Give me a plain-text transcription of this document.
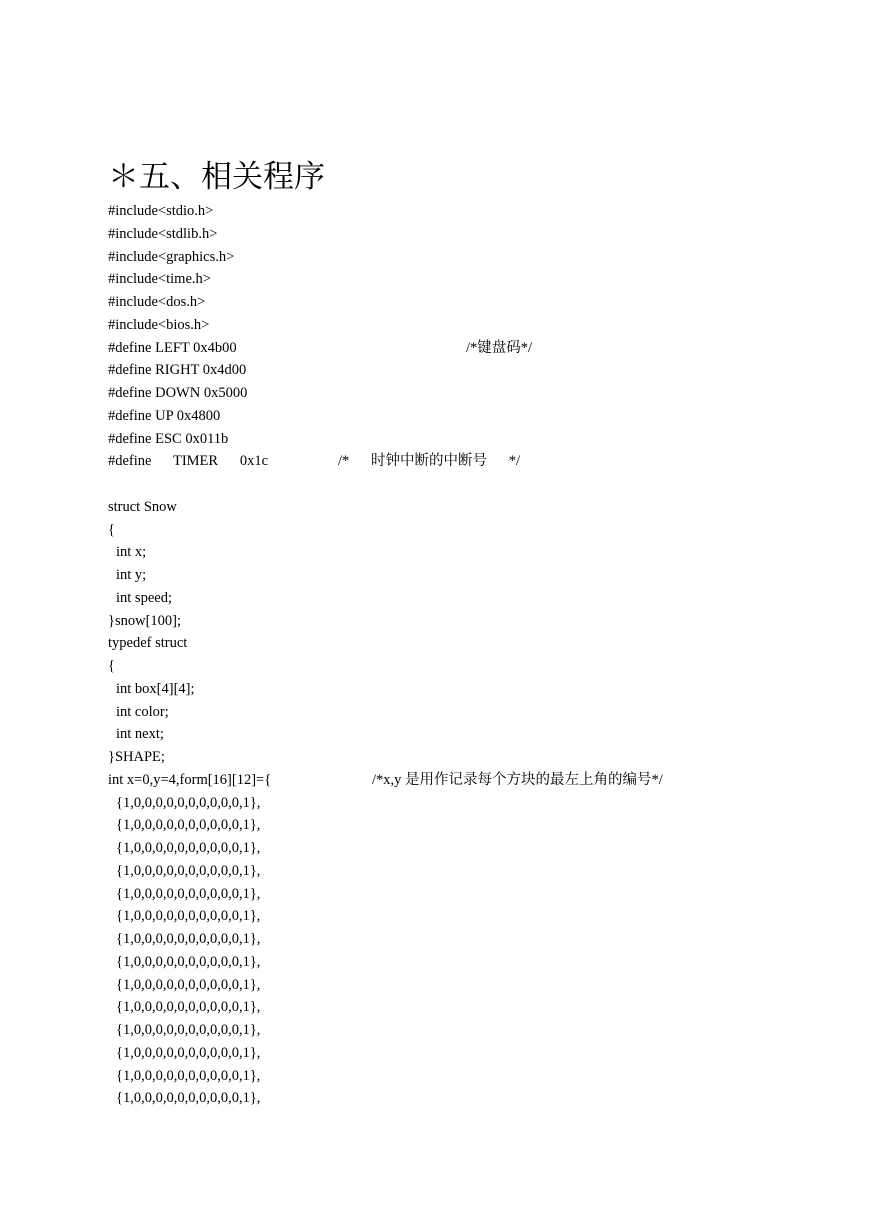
＊五、相关程序
#include<stdio.h>
#include<stdlib.h>
#include<graphics.h>
#include<time.h>
#include<dos.h>
#include<bios.h>
#define LEFT 0x4b00	/*键盘码*/
#define RIGHT 0x4d00
#define DOWN 0x5000
#define UP 0x4800
#define ESC 0x011b
#define      TIMER      0x1c	/*      时钟中断的中断号      */
struct Snow
{
int x;
int y;
int speed;
}snow[100];
typedef struct
{
int box[4][4];
int color;
int next;
}SHAPE;
int x=0,y=4,form[16][12]={	/*x,y 是用作记录每个方块的最左上角的编号*/
{1,0,0,0,0,0,0,0,0,0,0,1},
{1,0,0,0,0,0,0,0,0,0,0,1},
{1,0,0,0,0,0,0,0,0,0,0,1},
{1,0,0,0,0,0,0,0,0,0,0,1},
{1,0,0,0,0,0,0,0,0,0,0,1},
{1,0,0,0,0,0,0,0,0,0,0,1},
{1,0,0,0,0,0,0,0,0,0,0,1},
{1,0,0,0,0,0,0,0,0,0,0,1},
{1,0,0,0,0,0,0,0,0,0,0,1},
{1,0,0,0,0,0,0,0,0,0,0,1},
{1,0,0,0,0,0,0,0,0,0,0,1},
{1,0,0,0,0,0,0,0,0,0,0,1},
{1,0,0,0,0,0,0,0,0,0,0,1},
{1,0,0,0,0,0,0,0,0,0,0,1},
